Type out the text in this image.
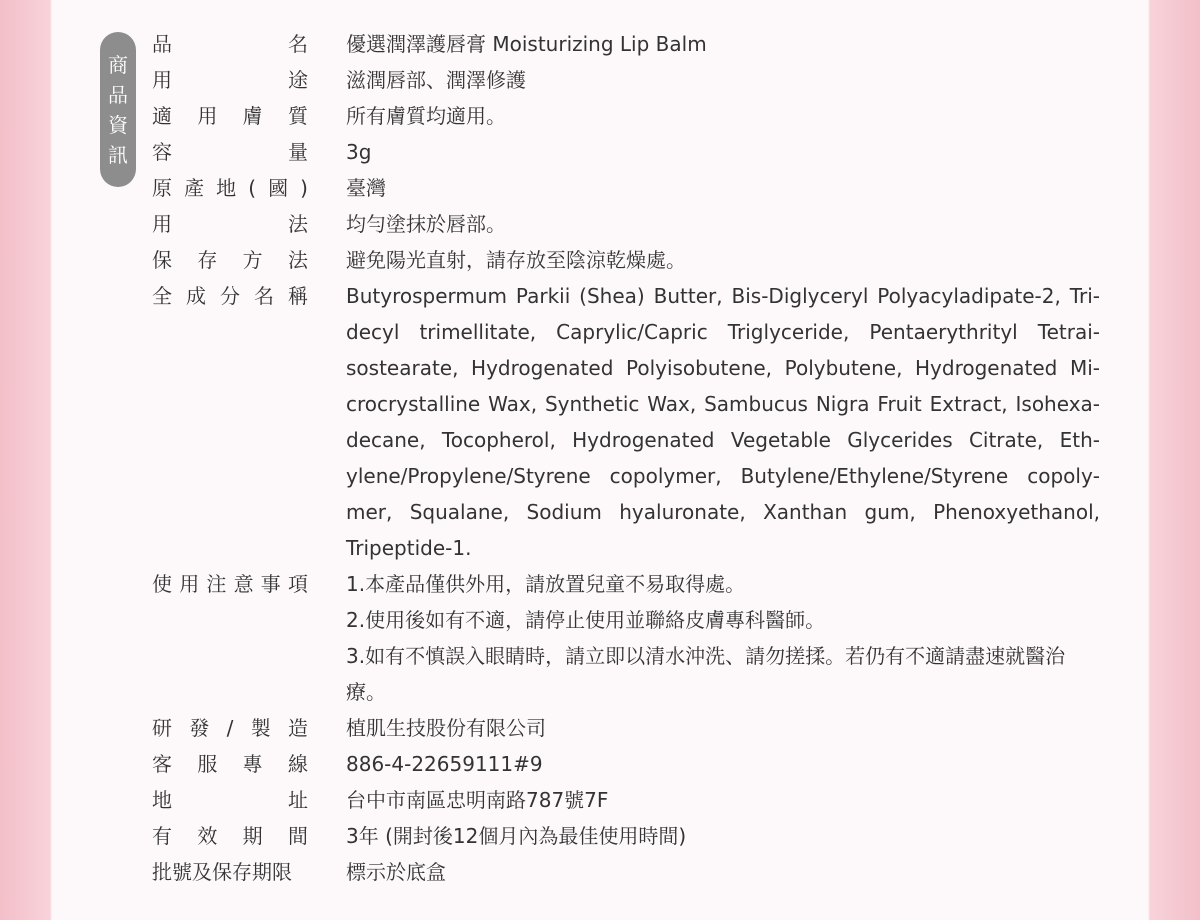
商
品
資
訊
品	名 優選潤澤護唇膏 Moisturizing Lip Balm
用	途 滋潤唇部、潤澤修護
適 用 膚 質 所有膚質均適用。
容	量 3g
原 產 地 ( 國 ) 臺灣
用	法 均勻塗抹於唇部。
保 存 方 法 避免陽光直射，請存放至陰涼乾燥處。
全 成 分 名 稱 Butyrospermum Parkii (Shea) Butter, Bis-Diglyceryl Polyacyladipate-2, Tridecyl trimellitate, Caprylic/Capric Triglyceride, Pentaerythrityl Tetraisostearate, Hydrogenated Polyisobutene, Polybutene, Hydrogenated Microcrystalline Wax, Synthetic Wax, Sambucus Nigra Fruit Extract, Isohexadecane, Tocopherol, Hydrogenated Vegetable Glycerides Citrate, Ethylene/Propylene/Styrene copolymer, Butylene/Ethylene/Styrene copolymer, Squalane, Sodium hyaluronate, Xanthan gum, Phenoxyethanol, Tripeptide-1.
使 用 注 意 事 項 1.本產品僅供外用，請放置兒童不易取得處。

2.使用後如有不適，請停止使用並聯絡皮膚專科醫師。

3.如有不慎誤入眼睛時，請立即以清水沖洗、請勿搓揉。若仍有不適請盡速就醫治療。

研 發 / 製 造 植肌生技股份有限公司
客 服 專 線 886-4-22659111#9
地	址 台中市南區忠明南路787號7F
有 效 期 間 3年 (開封後12個月內為最佳使用時間)
批號及保存期限	標示於底盒
